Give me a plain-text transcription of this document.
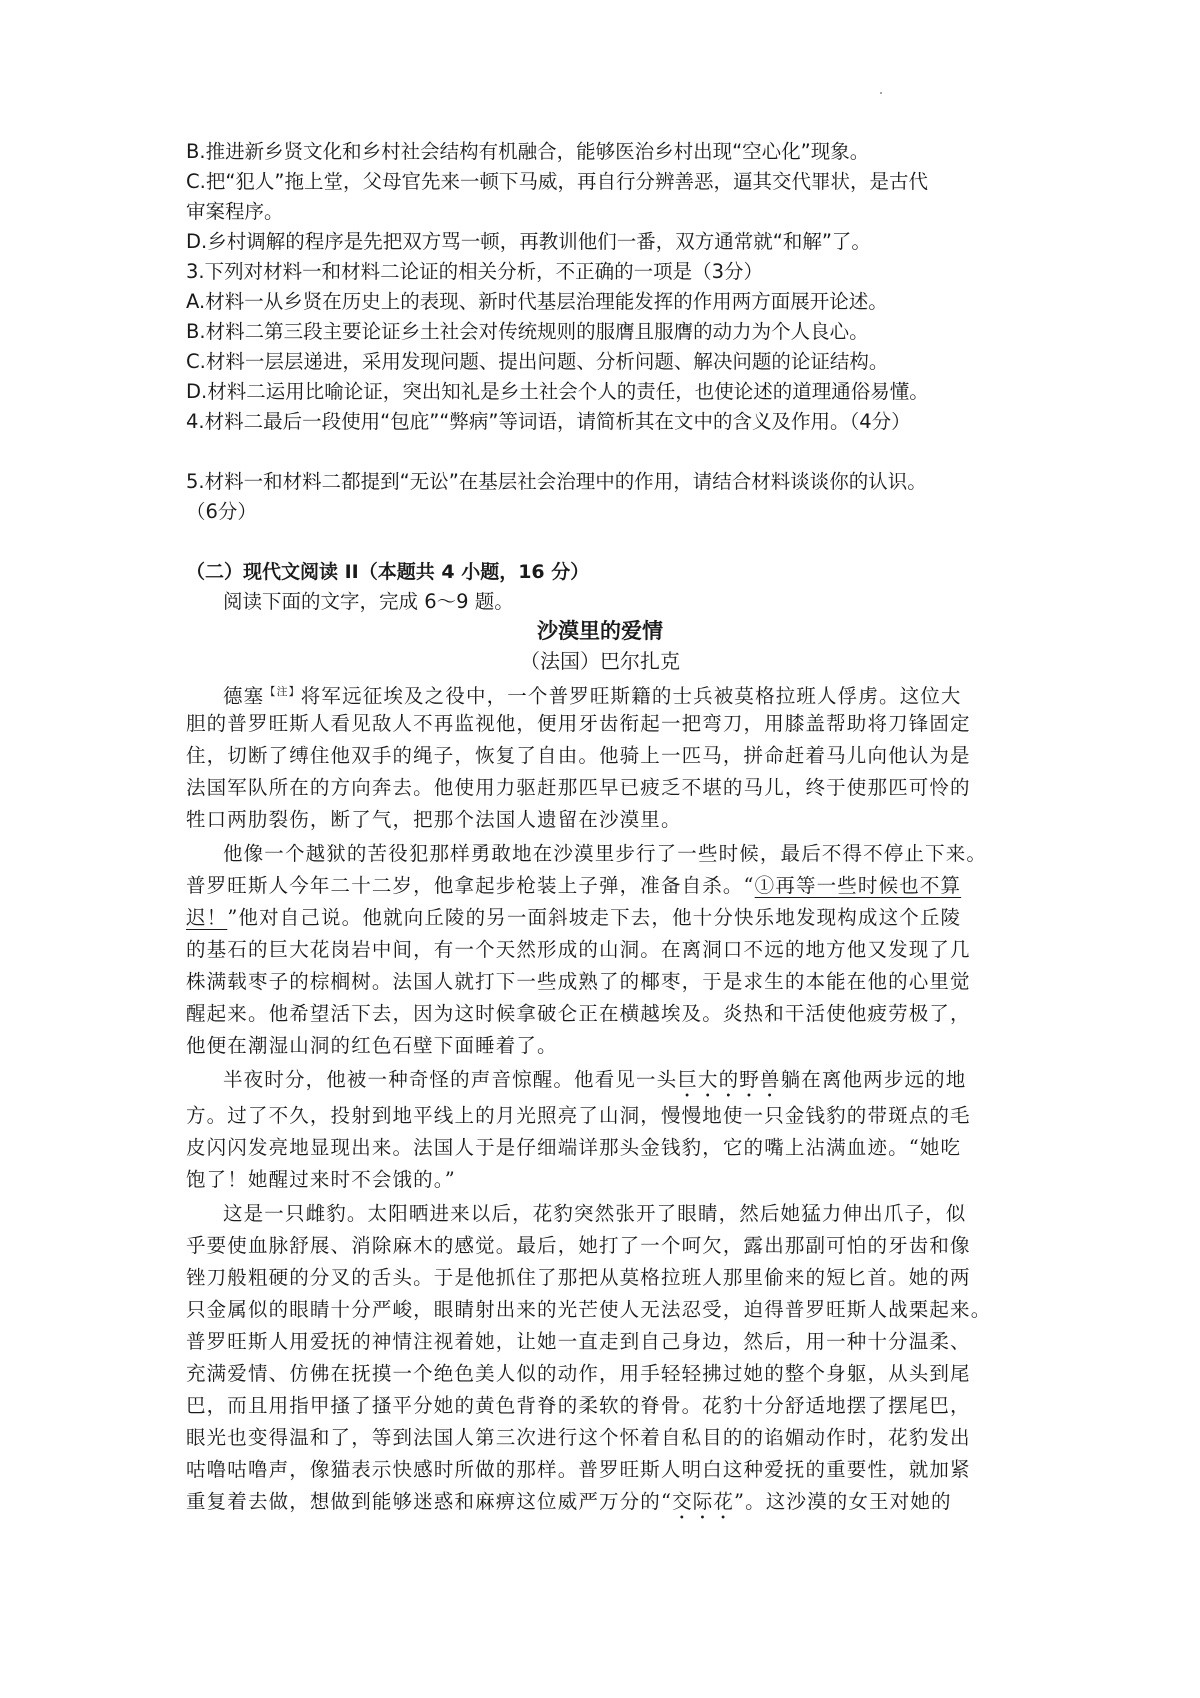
B.推进新乡贤文化和乡村社会结构有机融合，能够医治乡村出现“空心化”现象。
C.把“犯人”拖上堂，父母官先来一顿下马威，再自行分辨善恶，逼其交代罪状，是古代
审案程序。
D.乡村调解的程序是先把双方骂一顿，再教训他们一番，双方通常就“和解”了。
3.下列对材料一和材料二论证的相关分析，不正确的一项是（3分）
A.材料一从乡贤在历史上的表现、新时代基层治理能发挥的作用两方面展开论述。
B.材料二第三段主要论证乡土社会对传统规则的服膺且服膺的动力为个人良心。
C.材料一层层递进，采用发现问题、提出问题、分析问题、解决问题的论证结构。
D.材料二运用比喻论证，突出知礼是乡土社会个人的责任，也使论述的道理通俗易懂。
4.材料二最后一段使用“包庇”“弊病”等词语，请简析其在文中的含义及作用。（4分）
5.材料一和材料二都提到“无讼”在基层社会治理中的作用，请结合材料谈谈你的认识。
（6分）
（二）现代文阅读 II（本题共 4 小题，16 分）
阅读下面的文字，完成 6～9 题。
沙漠里的爱情
（法国）巴尔扎克
德塞$^{【注】}$将军远征埃及之役中，一个普罗旺斯籍的士兵被莫格拉班人俘虏。这位大
胆的普罗旺斯人看见敌人不再监视他，便用牙齿衔起一把弯刀，用膝盖帮助将刀锋固定
住，切断了缚住他双手的绳子，恢复了自由。他骑上一匹马，拼命赶着马儿向他认为是
法国军队所在的方向奔去。他使用力驱赶那匹早已疲乏不堪的马儿，终于使那匹可怜的
牲口两肋裂伤，断了气，把那个法国人遗留在沙漠里。
他像一个越狱的苦役犯那样勇敢地在沙漠里步行了一些时候，最后不得不停止下来。
普罗旺斯人今年二十二岁，他拿起步枪装上子弹，准备自杀。“①再等一些时候也不算
迟！”他对自己说。他就向丘陵的另一面斜坡走下去，他十分快乐地发现构成这个丘陵
的基石的巨大花岗岩中间，有一个天然形成的山洞。在离洞口不远的地方他又发现了几
株满载枣子的棕榈树。法国人就打下一些成熟了的椰枣，于是求生的本能在他的心里觉
醒起来。他希望活下去，因为这时候拿破仑正在横越埃及。炎热和干活使他疲劳极了，
他便在潮湿山洞的红色石壁下面睡着了。
半夜时分，他被一种奇怪的声音惊醒。他看见一头巨大的野兽躺在离他两步远的地
方。过了不久，投射到地平线上的月光照亮了山洞，慢慢地使一只金钱豹的带斑点的毛
皮闪闪发亮地显现出来。法国人于是仔细端详那头金钱豹，它的嘴上沾满血迹。“她吃
饱了！她醒过来时不会饿的。”
这是一只雌豹。太阳晒进来以后，花豹突然张开了眼睛，然后她猛力伸出爪子，似
乎要使血脉舒展、消除麻木的感觉。最后，她打了一个呵欠，露出那副可怕的牙齿和像
锉刀般粗硬的分叉的舌头。于是他抓住了那把从莫格拉班人那里偷来的短匕首。她的两
只金属似的眼睛十分严峻，眼睛射出来的光芒使人无法忍受，迫得普罗旺斯人战栗起来。
普罗旺斯人用爱抚的神情注视着她，让她一直走到自己身边，然后，用一种十分温柔、
充满爱情、仿佛在抚摸一个绝色美人似的动作，用手轻轻拂过她的整个身躯，从头到尾
巴，而且用指甲搔了搔平分她的黄色背脊的柔软的脊骨。花豹十分舒适地摆了摆尾巴，
眼光也变得温和了，等到法国人第三次进行这个怀着自私目的的谄媚动作时，花豹发出
咕噜咕噜声，像猫表示快感时所做的那样。普罗旺斯人明白这种爱抚的重要性，就加紧
重复着去做，想做到能够迷惑和麻痹这位威严万分的“交际花”。这沙漠的女王对她的
